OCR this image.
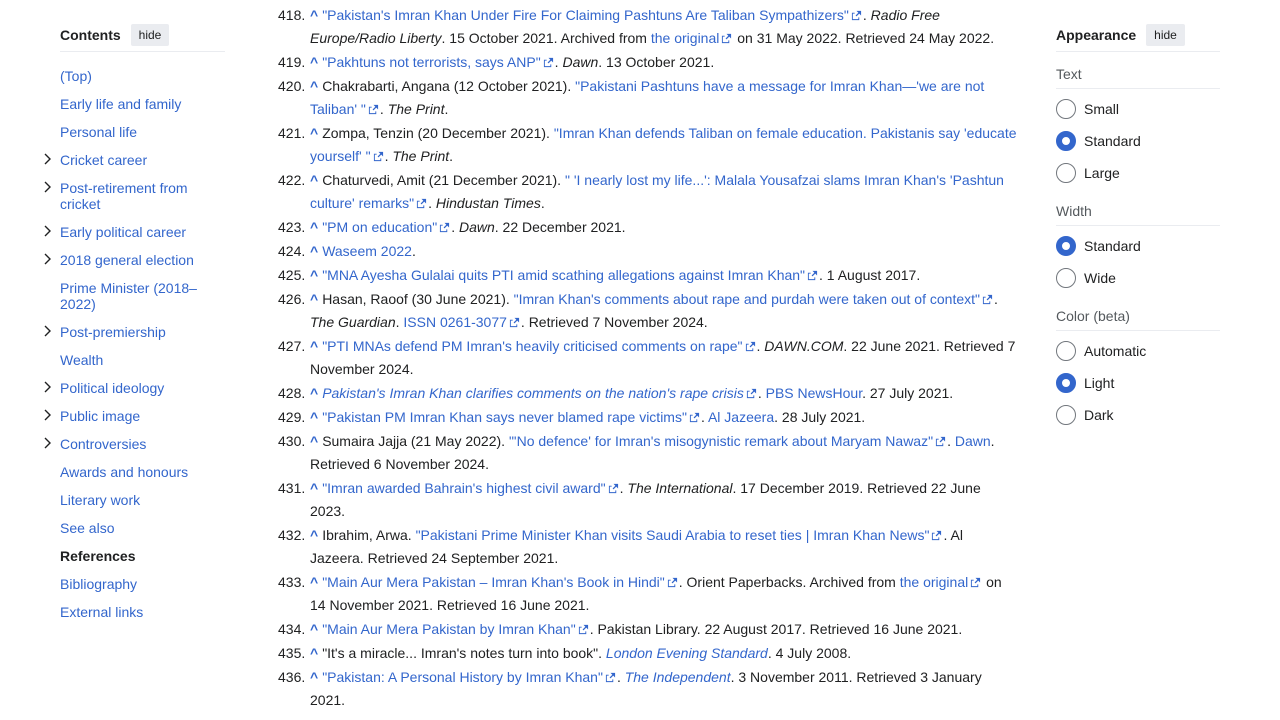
Contents	hide
(Top)
Early life and family
Personal life
Cricket career
Post-retirement from cricket
Early political career
2018 general election
Prime Minister (2018–2022)
Post-premiership
Wealth
Political ideology
Public image
Controversies
Awards and honours
Literary work
See also
References
Bibliography
External links
418. ^ "Pakistan's Imran Khan Under Fire For Claiming Pashtuns Are Taliban Sympathizers" . Radio Free Europe/Radio Liberty. 15 October 2021. Archived from the original
on 31 May 2022. Retrieved 24 May 2022.
419. ^ "Pakhtuns not terrorists, says ANP" . Dawn. 13 October 2021.
420. ^ Chakrabarti, Angana (12 October 2021). "Pakistani Pashtuns have a message for Imran Khan—'we are not Taliban' " . The Print.
421. ^ Zompa, Tenzin (20 December 2021). "Imran Khan defends Taliban on female education. Pakistanis say 'educate yourself' " . The Print.
422. ^ Chaturvedi, Amit (21 December 2021). " 'I nearly lost my life...': Malala Yousafzai slams Imran Khan's 'Pashtun culture' remarks" . Hindustan Times.
423. ^ "PM on education" . Dawn. 22 December 2021.
424. ^ Waseem 2022.
425. ^ "MNA Ayesha Gulalai quits PTI amid scathing allegations against Imran Khan" . 1 August 2017.
426. ^ Hasan, Raoof (30 June 2021). "Imran Khan's comments about rape and purdah were taken out of context" . The Guardian. ISSN 0261-3077 . Retrieved 7 November 2024.
427. ^ "PTI MNAs defend PM Imran's heavily criticised comments on rape" . DAWN.COM. 22 June 2021. Retrieved 7 November 2024.
428. ^ Pakistan's Imran Khan clarifies comments on the nation's rape crisis . PBS NewsHour. 27 July 2021.
429. ^ "Pakistan PM Imran Khan says never blamed rape victims" . Al Jazeera. 28 July 2021.
430. ^ Sumaira Jajja (21 May 2022). "'No defence' for Imran's misogynistic remark about Maryam Nawaz" . Dawn. Retrieved 6 November 2024.
431. ^ "Imran awarded Bahrain's highest civil award" . The International. 17 December 2019. Retrieved 22 June 2023.
432. ^ Ibrahim, Arwa. "Pakistani Prime Minister Khan visits Saudi Arabia to reset ties | Imran Khan News" . Al Jazeera. Retrieved 24 September 2021.
433. ^ "Main Aur Mera Pakistan – Imran Khan's Book in Hindi" . Orient Paperbacks. Archived from the original
on 14 November 2021. Retrieved 16 June 2021.
434. ^ "Main Aur Mera Pakistan by Imran Khan" . Pakistan Library. 22 August 2017. Retrieved 16 June 2021.
435. ^ "It's a miracle... Imran's notes turn into book". London Evening Standard. 4 July 2008.
436. ^ "Pakistan: A Personal History by Imran Khan" . The Independent. 3 November 2011. Retrieved 3 January 2021.
Appearance	hide
Text
Small
Standard
Large
Width
Standard
Wide
Color (beta)
Automatic
Light
Dark
